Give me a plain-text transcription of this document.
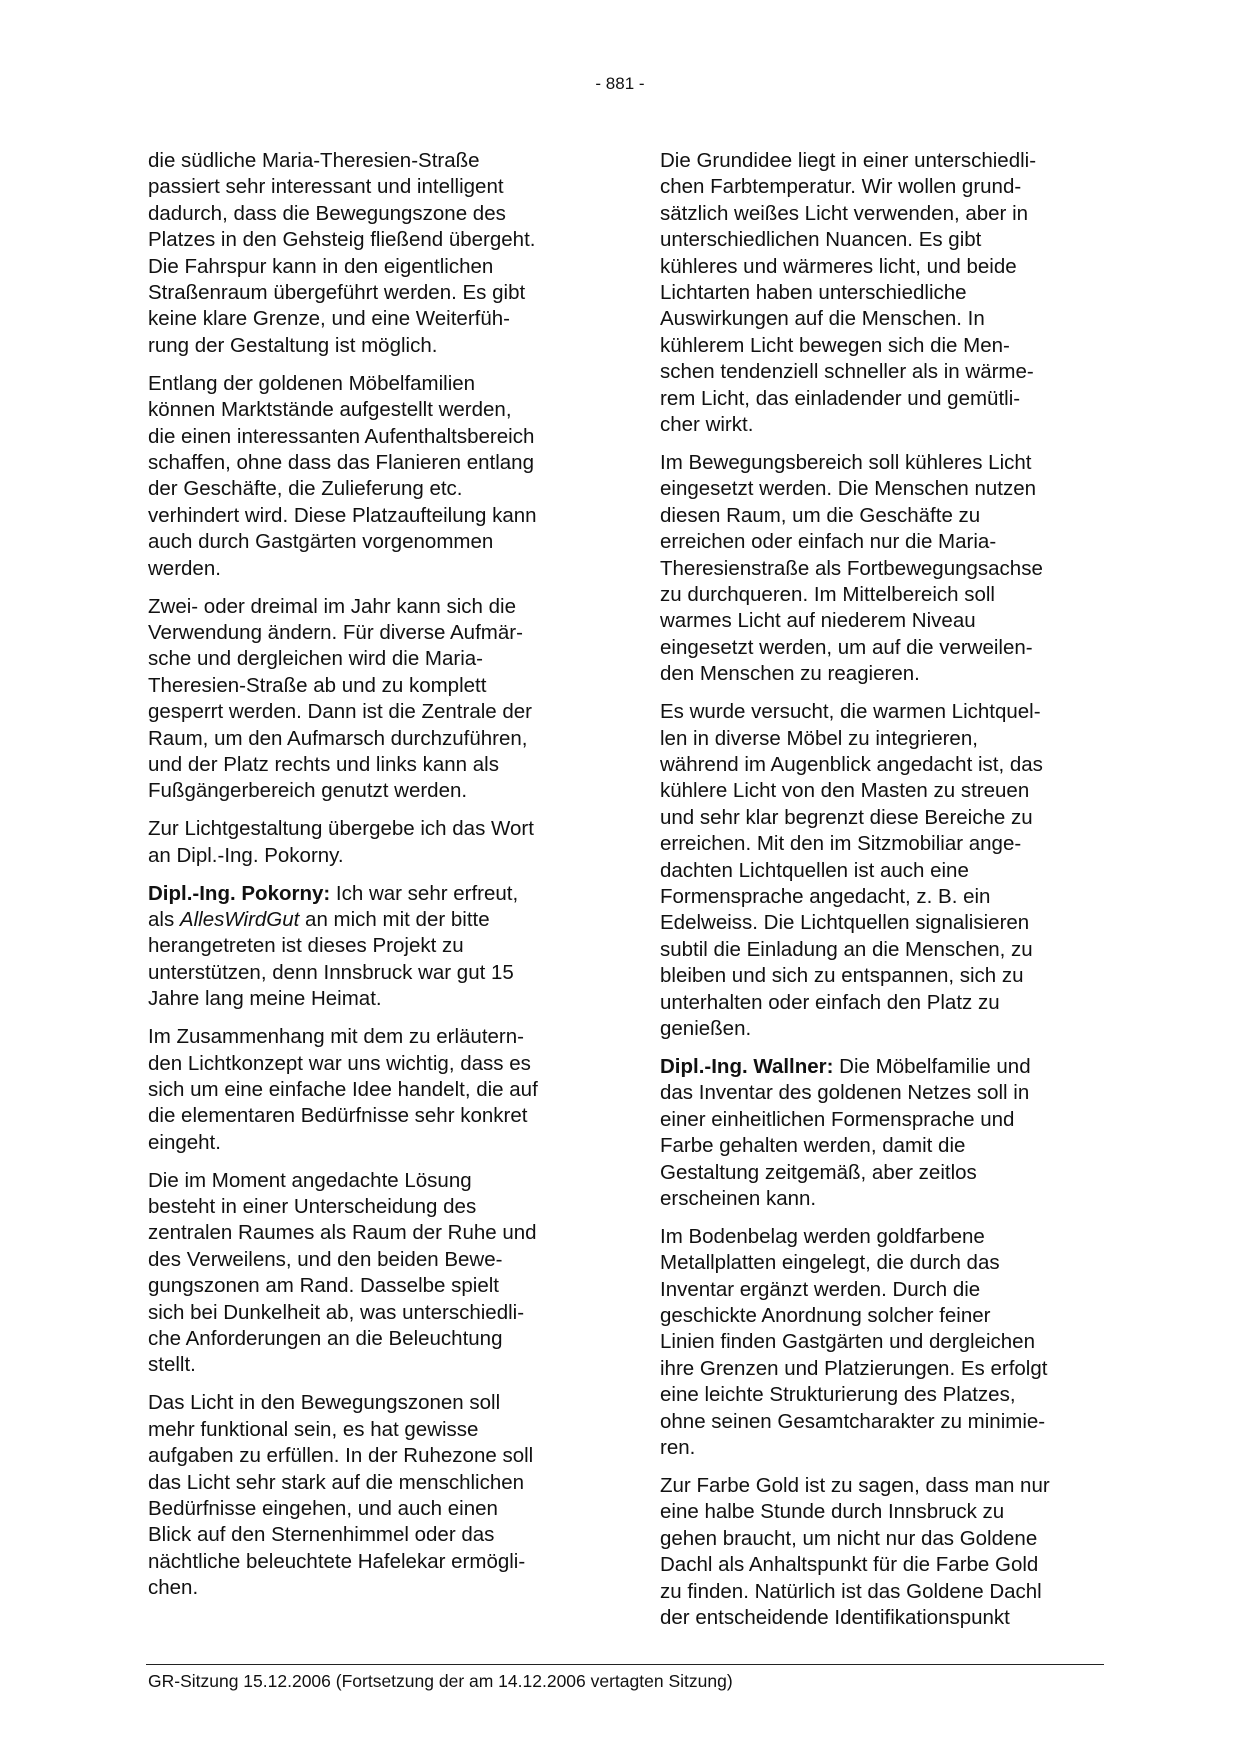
- 881 -

die südliche Maria-Theresien-Straße
passiert sehr interessant und intelligent
dadurch, dass die Bewegungszone des
Platzes in den Gehsteig fließend übergeht.
Die Fahrspur kann in den eigentlichen
Straßenraum übergeführt werden. Es gibt
keine klare Grenze, und eine Weiterfüh-
rung der Gestaltung ist möglich.

Entlang der goldenen Möbelfamilien
können Marktstände aufgestellt werden,
die einen interessanten Aufenthaltsbereich
schaffen, ohne dass das Flanieren entlang
der Geschäfte, die Zulieferung etc.
verhindert wird. Diese Platzaufteilung kann
auch durch Gastgärten vorgenommen
werden.

Zwei- oder dreimal im Jahr kann sich die
Verwendung ändern. Für diverse Aufmär-
sche und dergleichen wird die Maria-
Theresien-Straße ab und zu komplett
gesperrt werden. Dann ist die Zentrale der
Raum, um den Aufmarsch durchzuführen,
und der Platz rechts und links kann als
Fußgängerbereich genutzt werden.

Zur Lichtgestaltung übergebe ich das Wort
an Dipl.-Ing. Pokorny.

Dipl.-Ing. Pokorny: Ich war sehr erfreut,
als AllesWirdGut an mich mit der bitte
herangetreten ist dieses Projekt zu
unterstützen, denn Innsbruck war gut 15
Jahre lang meine Heimat.

Im Zusammenhang mit dem zu erläutern-
den Lichtkonzept war uns wichtig, dass es
sich um eine einfache Idee handelt, die auf
die elementaren Bedürfnisse sehr konkret
eingeht.

Die im Moment angedachte Lösung
besteht in einer Unterscheidung des
zentralen Raumes als Raum der Ruhe und
des Verweilens, und den beiden Bewe-
gungszonen am Rand. Dasselbe spielt
sich bei Dunkelheit ab, was unterschiedli-
che Anforderungen an die Beleuchtung
stellt.

Das Licht in den Bewegungszonen soll
mehr funktional sein, es hat gewisse
aufgaben zu erfüllen. In der Ruhezone soll
das Licht sehr stark auf die menschlichen
Bedürfnisse eingehen, und auch einen
Blick auf den Sternenhimmel oder das
nächtliche beleuchtete Hafelekar ermögli-
chen.

Die Grundidee liegt in einer unterschiedli-
chen Farbtemperatur. Wir wollen grund-
sätzlich weißes Licht verwenden, aber in
unterschiedlichen Nuancen. Es gibt
kühleres und wärmeres licht, und beide
Lichtarten haben unterschiedliche
Auswirkungen auf die Menschen. In
kühlerem Licht bewegen sich die Men-
schen tendenziell schneller als in wärme-
rem Licht, das einladender und gemütli-
cher wirkt.

Im Bewegungsbereich soll kühleres Licht
eingesetzt werden. Die Menschen nutzen
diesen Raum, um die Geschäfte zu
erreichen oder einfach nur die Maria-
Theresienstraße als Fortbewegungsachse
zu durchqueren. Im Mittelbereich soll
warmes Licht auf niederem Niveau
eingesetzt werden, um auf die verweilen-
den Menschen zu reagieren.

Es wurde versucht, die warmen Lichtquel-
len in diverse Möbel zu integrieren,
während im Augenblick angedacht ist, das
kühlere Licht von den Masten zu streuen
und sehr klar begrenzt diese Bereiche zu
erreichen. Mit den im Sitzmobiliar ange-
dachten Lichtquellen ist auch eine
Formensprache angedacht, z. B. ein
Edelweiss. Die Lichtquellen signalisieren
subtil die Einladung an die Menschen, zu
bleiben und sich zu entspannen, sich zu
unterhalten oder einfach den Platz zu
genießen.

Dipl.-Ing. Wallner: Die Möbelfamilie und
das Inventar des goldenen Netzes soll in
einer einheitlichen Formensprache und
Farbe gehalten werden, damit die
Gestaltung zeitgemäß, aber zeitlos
erscheinen kann.

Im Bodenbelag werden goldfarbene
Metallplatten eingelegt, die durch das
Inventar ergänzt werden. Durch die
geschickte Anordnung solcher feiner
Linien finden Gastgärten und dergleichen
ihre Grenzen und Platzierungen. Es erfolgt
eine leichte Strukturierung des Platzes,
ohne seinen Gesamtcharakter zu minimie-
ren.

Zur Farbe Gold ist zu sagen, dass man nur
eine halbe Stunde durch Innsbruck zu
gehen braucht, um nicht nur das Goldene
Dachl als Anhaltspunkt für die Farbe Gold
zu finden. Natürlich ist das Goldene Dachl
der entscheidende Identifikationspunkt

GR-Sitzung 15.12.2006 (Fortsetzung der am 14.12.2006 vertagten Sitzung)
